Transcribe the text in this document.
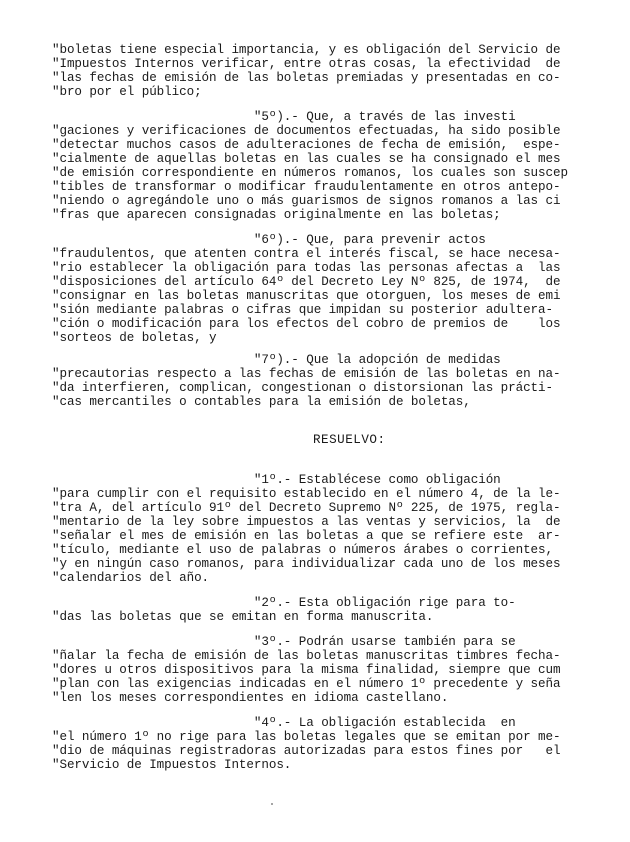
"boletas tiene especial importancia, y es obligación del Servicio de
"Impuestos Internos verificar, entre otras cosas, la efectividad  de
"las fechas de emisión de las boletas premiadas y presentadas en co-
"bro por el público;
"5º).- Que, a través de las investi
"gaciones y verificaciones de documentos efectuadas, ha sido posible
"detectar muchos casos de adulteraciones de fecha de emisión,  espe-
"cialmente de aquellas boletas en las cuales se ha consignado el mes
"de emisión correspondiente en números romanos, los cuales son suscep
"tibles de transformar o modificar fraudulentamente en otros antepo-
"niendo o agregándole uno o más guarismos de signos romanos a las ci
"fras que aparecen consignadas originalmente en las boletas;
"6º).- Que, para prevenir actos
"fraudulentos, que atenten contra el interés fiscal, se hace necesa-
"rio establecer la obligación para todas las personas afectas a  las
"disposiciones del artículo 64º del Decreto Ley Nº 825, de 1974,  de
"consignar en las boletas manuscritas que otorguen, los meses de emi
"sión mediante palabras o cifras que impidan su posterior adultera-
"ción o modificación para los efectos del cobro de premios de    los
"sorteos de boletas, y
"7º).- Que la adopción de medidas
"precautorias respecto a las fechas de emisión de las boletas en na-
"da interfieren, complican, congestionan o distorsionan las prácti-
"cas mercantiles o contables para la emisión de boletas,
RESUELVO:
"1º.- Establécese como obligación
"para cumplir con el requisito establecido en el número 4, de la le-
"tra A, del artículo 91º del Decreto Supremo Nº 225, de 1975, regla-
"mentario de la ley sobre impuestos a las ventas y servicios, la  de
"señalar el mes de emisión en las boletas a que se refiere este  ar-
"tículo, mediante el uso de palabras o números árabes o corrientes,
"y en ningún caso romanos, para individualizar cada uno de los meses
"calendarios del año.
"2º.- Esta obligación rige para to-
"das las boletas que se emitan en forma manuscrita.
"3º.- Podrán usarse también para se
"ñalar la fecha de emisión de las boletas manuscritas timbres fecha-
"dores u otros dispositivos para la misma finalidad, siempre que cum
"plan con las exigencias indicadas en el número 1º precedente y seña
"len los meses correspondientes en idioma castellano.
"4º.- La obligación establecida  en
"el número 1º no rige para las boletas legales que se emitan por me-
"dio de máquinas registradoras autorizadas para estos fines por   el
"Servicio de Impuestos Internos.
